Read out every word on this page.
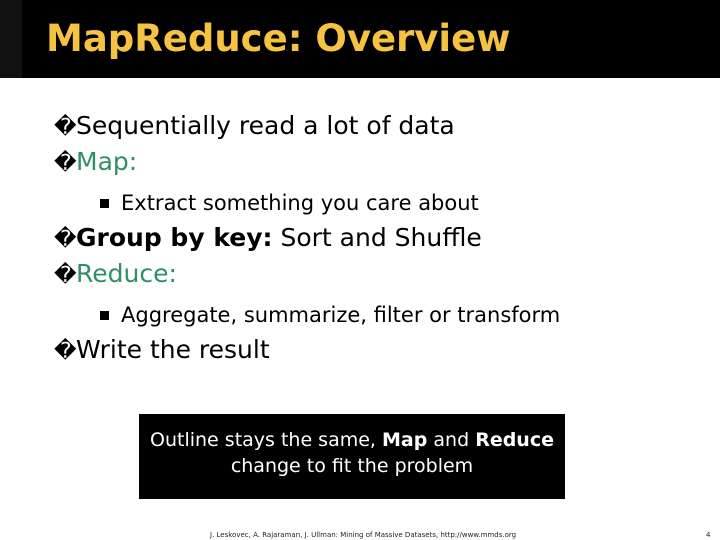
MapReduce: Overview
�Sequentially read a lot of data
�Map:
Extract something you care about
�Group by key: Sort and Shuffle
�Reduce:
Aggregate, summarize, filter or transform
�Write the result
Outline stays the same, Map and Reduce
change to fit the problem
J. Leskovec, A. Rajaraman, J. Ullman: Mining of Massive Datasets, http://www.mmds.org	4
